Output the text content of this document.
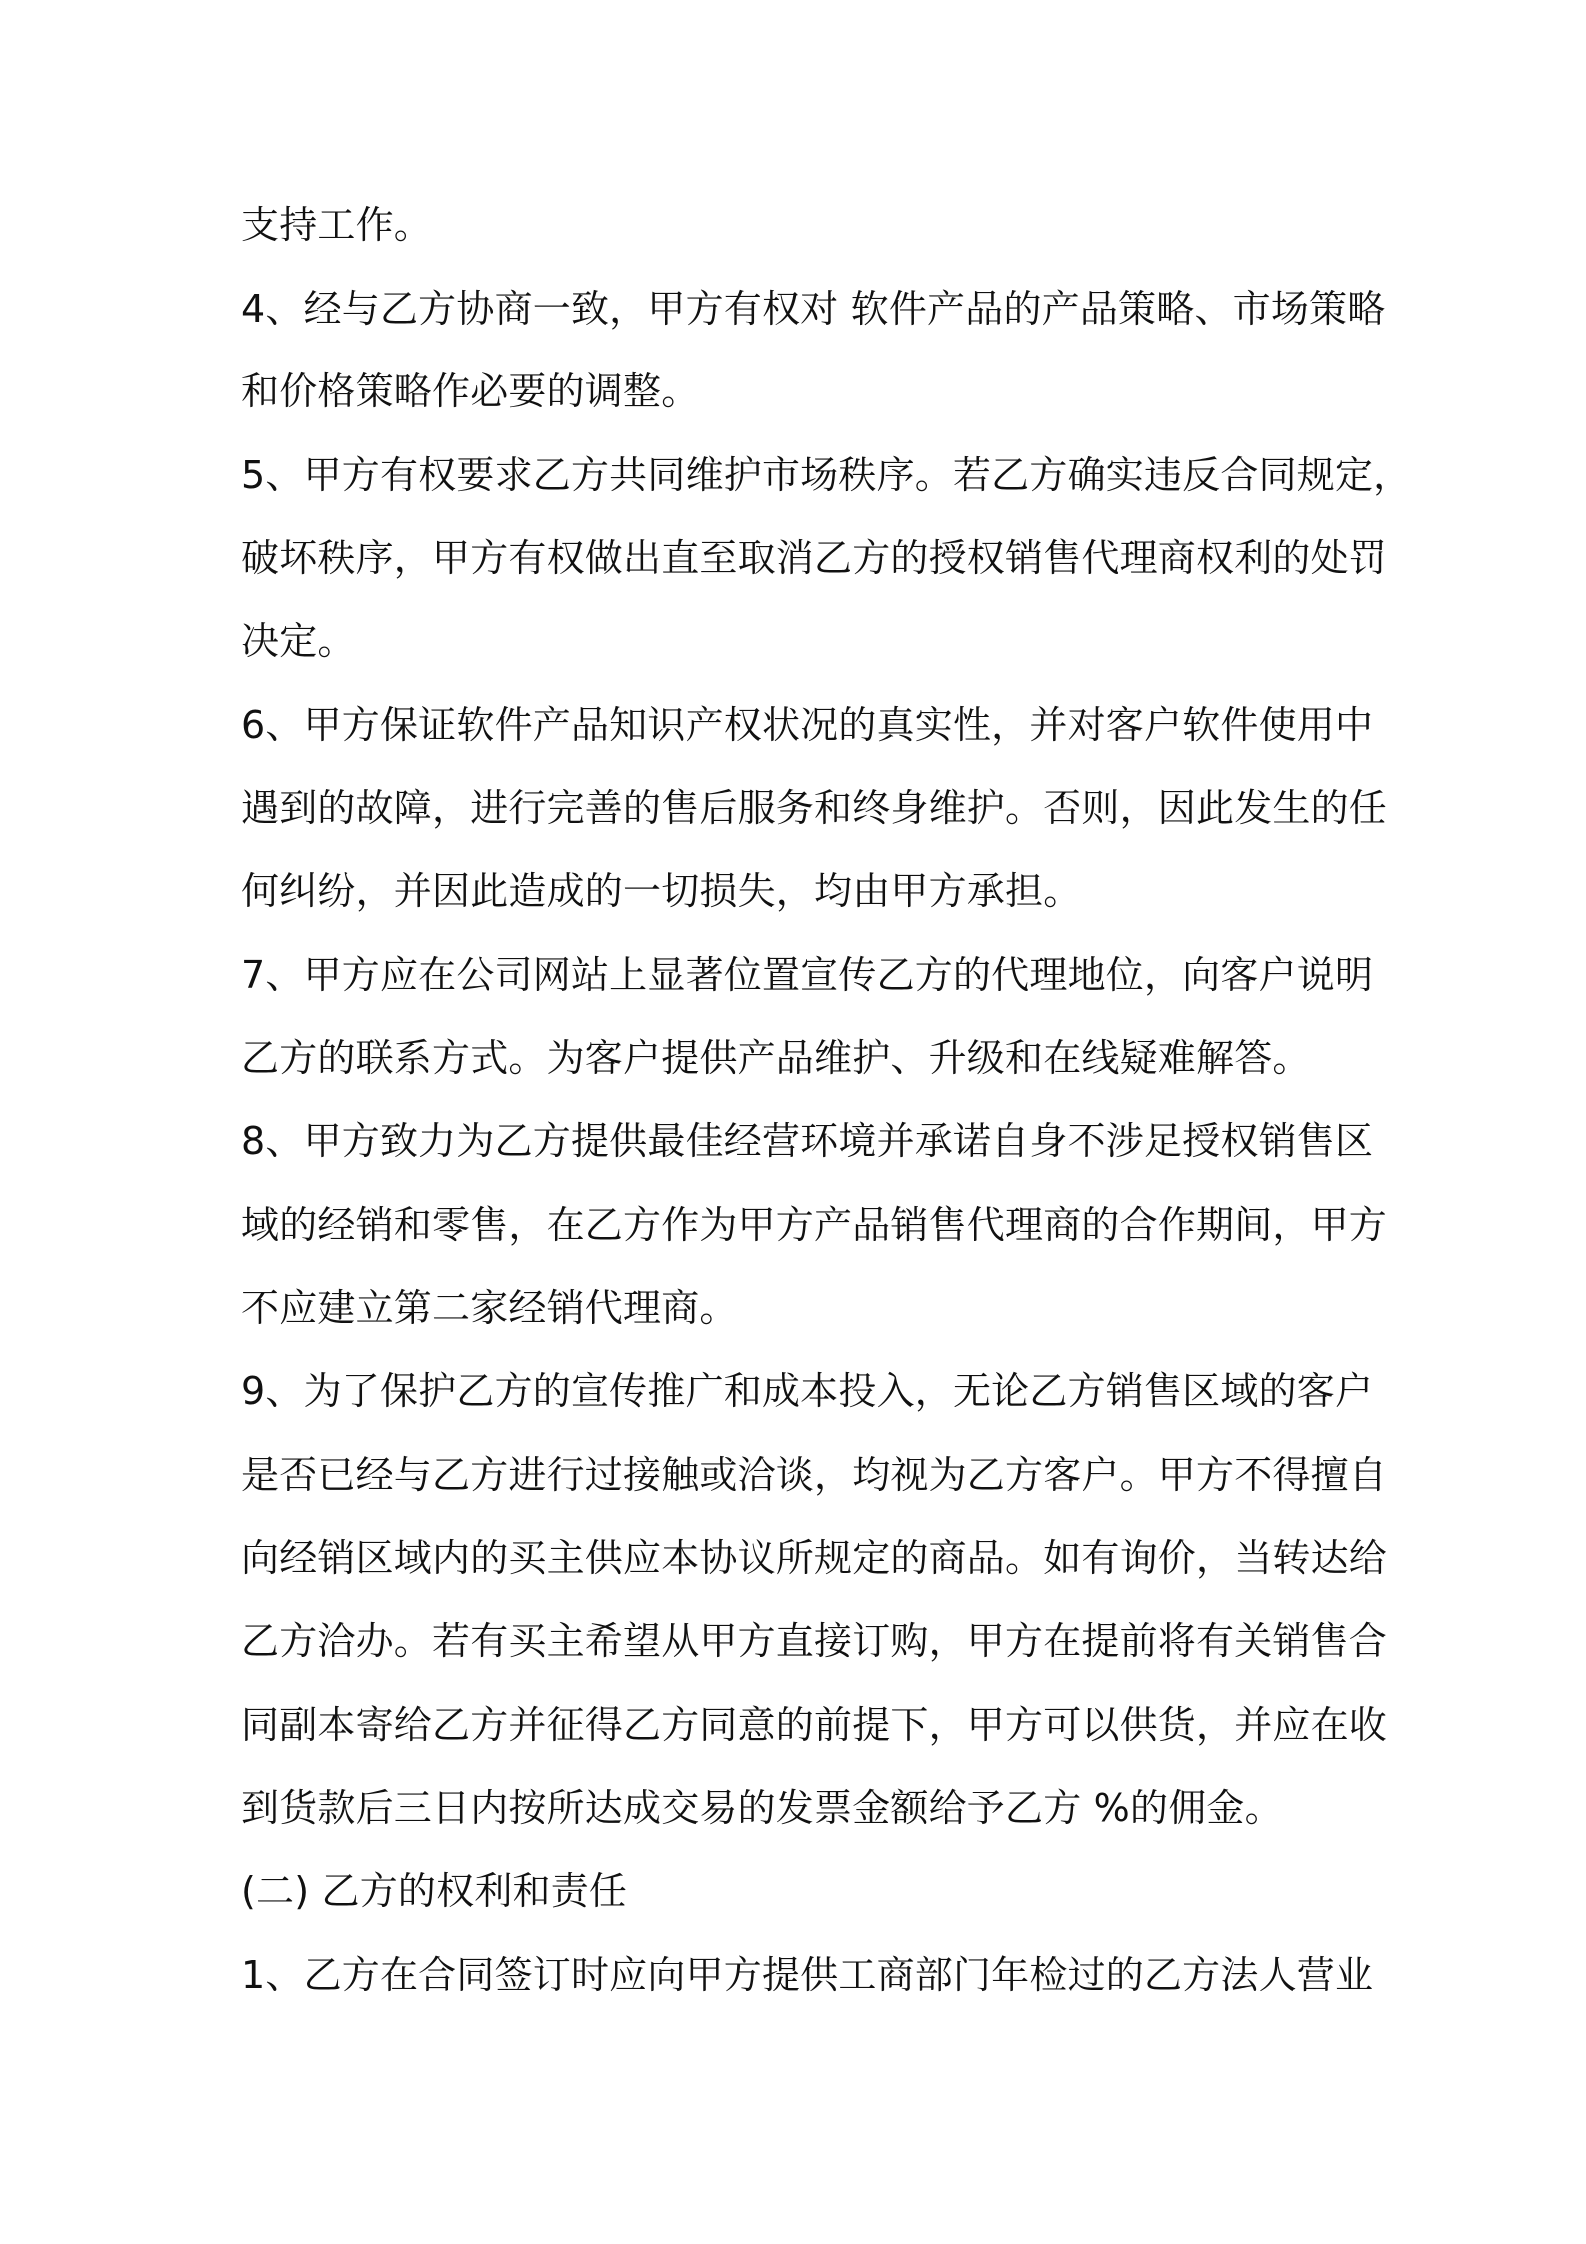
支持工作。
4、经与乙方协商一致，甲方有权对 软件产品的产品策略、市场策略
和价格策略作必要的调整。
5、甲方有权要求乙方共同维护市场秩序。若乙方确实违反合同规定，
破坏秩序，甲方有权做出直至取消乙方的授权销售代理商权利的处罚
决定。
6、甲方保证软件产品知识产权状况的真实性，并对客户软件使用中
遇到的故障，进行完善的售后服务和终身维护。否则，因此发生的任
何纠纷，并因此造成的一切损失，均由甲方承担。
7、甲方应在公司网站上显著位置宣传乙方的代理地位，向客户说明
乙方的联系方式。为客户提供产品维护、升级和在线疑难解答。
8、甲方致力为乙方提供最佳经营环境并承诺自身不涉足授权销售区
域的经销和零售，在乙方作为甲方产品销售代理商的合作期间，甲方
不应建立第二家经销代理商。
9、为了保护乙方的宣传推广和成本投入，无论乙方销售区域的客户
是否已经与乙方进行过接触或洽谈，均视为乙方客户。甲方不得擅自
向经销区域内的买主供应本协议所规定的商品。如有询价，当转达给
乙方洽办。若有买主希望从甲方直接订购，甲方在提前将有关销售合
同副本寄给乙方并征得乙方同意的前提下，甲方可以供货，并应在收
到货款后三日内按所达成交易的发票金额给予乙方 %的佣金。
(二) 乙方的权利和责任
1、乙方在合同签订时应向甲方提供工商部门年检过的乙方法人营业
